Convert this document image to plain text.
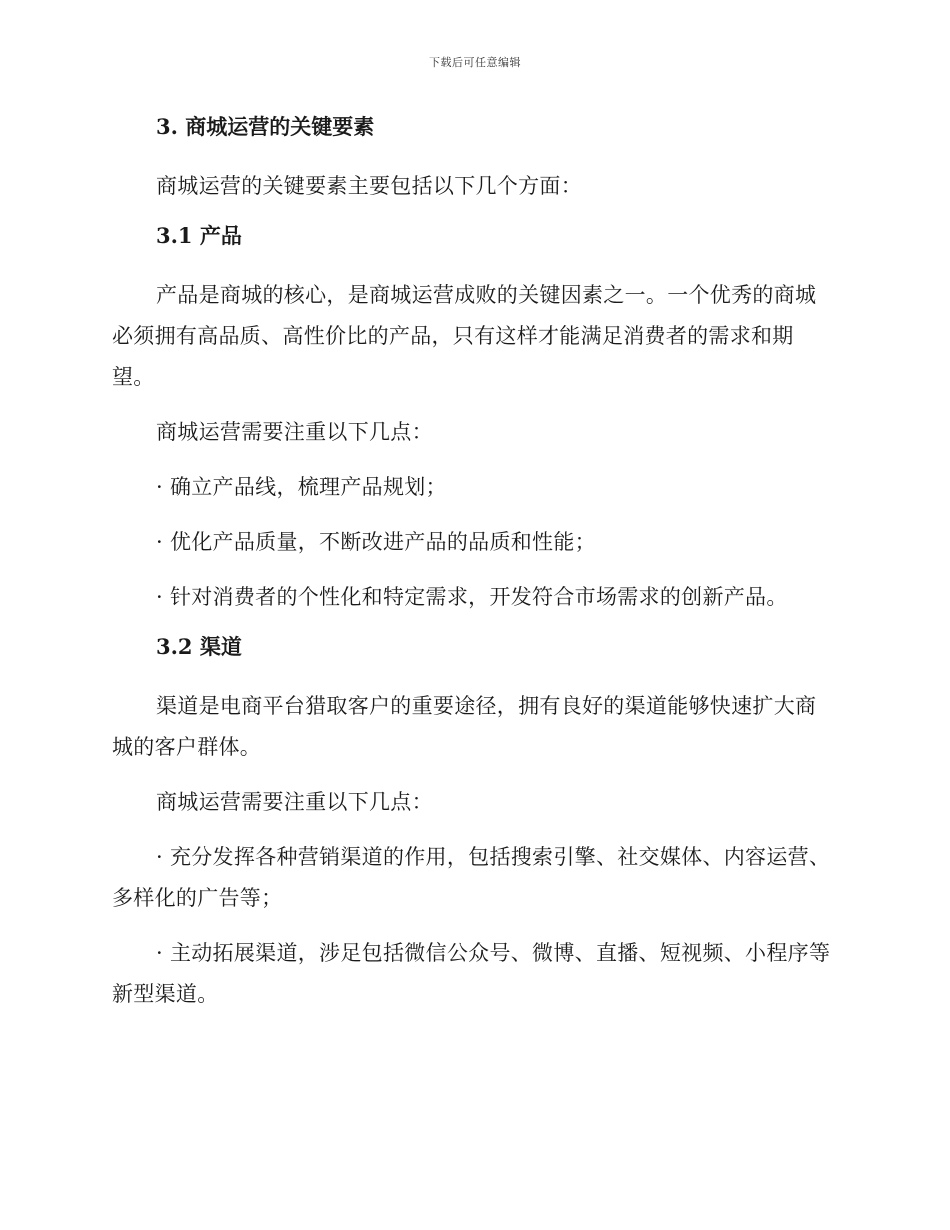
下载后可任意编辑
3. 商城运营的关键要素

商城运营的关键要素主要包括以下几个方面：

3.1 产品

产品是商城的核心，是商城运营成败的关键因素之一。一个优秀的商城必须拥有高品质、高性价比的产品，只有这样才能满足消费者的需求和期望。

商城运营需要注重以下几点：

· 确立产品线，梳理产品规划；

· 优化产品质量，不断改进产品的品质和性能；

· 针对消费者的个性化和特定需求，开发符合市场需求的创新产品。

3.2 渠道

渠道是电商平台猎取客户的重要途径，拥有良好的渠道能够快速扩大商城的客户群体。

商城运营需要注重以下几点：

· 充分发挥各种营销渠道的作用，包括搜索引擎、社交媒体、内容运营、多样化的广告等；

· 主动拓展渠道，涉足包括微信公众号、微博、直播、短视频、小程序等新型渠道。
